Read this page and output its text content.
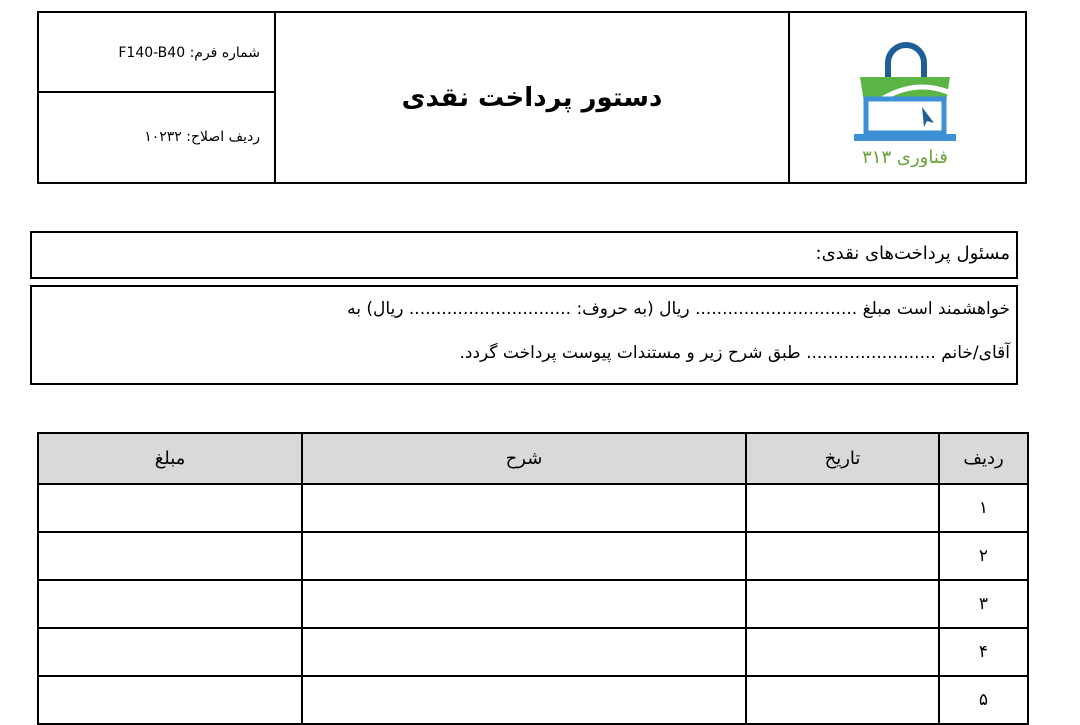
شماره فرم: F140-B40
ردیف اصلاح: ۱۰۲۳۲
دستور پرداخت نقدی
فناوری ۳۱۳
مسئول پرداخت‌های نقدی:
خواهشمند است مبلغ .............................. ریال (به حروف: .............................. ریال) به
آقای/خانم ........................ طبق شرح زیر و مستندات پیوست پرداخت گردد.
ردیف	تاریخ	شرح	مبلغ
۱			
۲			
۳			
۴			
۵			
